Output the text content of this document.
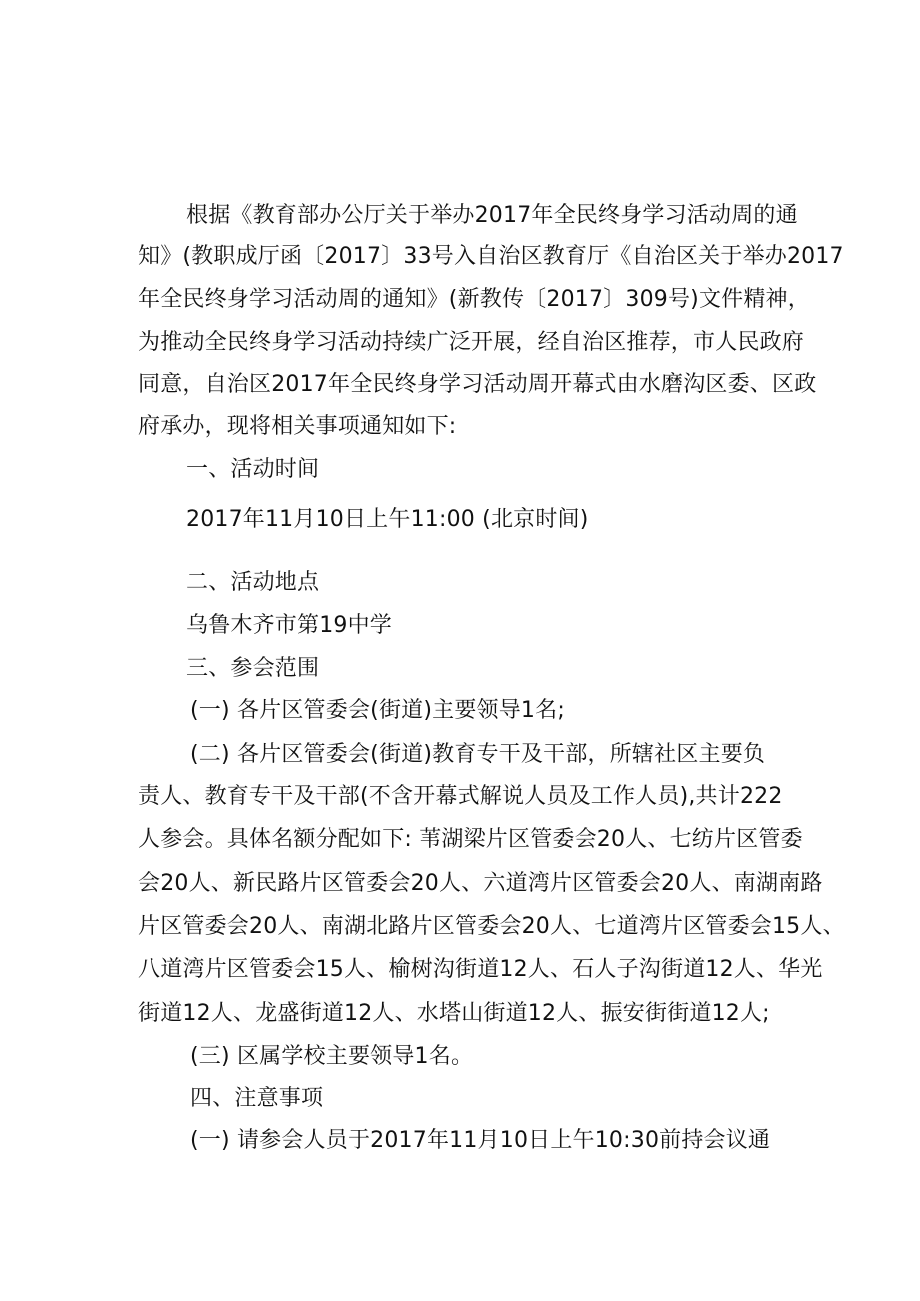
根据《教育部办公厅关于举办2017年全民终身学习活动周的通
知》(教职成厅函〔2017〕33号入自治区教育厅《自治区关于举办2017
年全民终身学习活动周的通知》(新教传〔2017〕309号)文件精神，
为推动全民终身学习活动持续广泛开展，经自治区推荐，市人民政府
同意，自治区2017年全民终身学习活动周开幕式由水磨沟区委、区政
府承办，现将相关事项通知如下:
一、活动时间
2017年11月10日上午11:00 (北京时间)
二、活动地点
乌鲁木齐市第19中学
三、参会范围
(一) 各片区管委会(街道)主要领导1名;
(二) 各片区管委会(街道)教育专干及干部，所辖社区主要负
责人、教育专干及干部(不含开幕式解说人员及工作人员),共计222
人参会。具体名额分配如下: 苇湖梁片区管委会20人、七纺片区管委
会20人、新民路片区管委会20人、六道湾片区管委会20人、南湖南路
片区管委会20人、南湖北路片区管委会20人、七道湾片区管委会15人、
八道湾片区管委会15人、榆树沟街道12人、石人子沟街道12人、华光
街道12人、龙盛街道12人、水塔山街道12人、振安街街道12人;
(三) 区属学校主要领导1名。
四、注意事项
(一) 请参会人员于2017年11月10日上午10:30前持会议通
